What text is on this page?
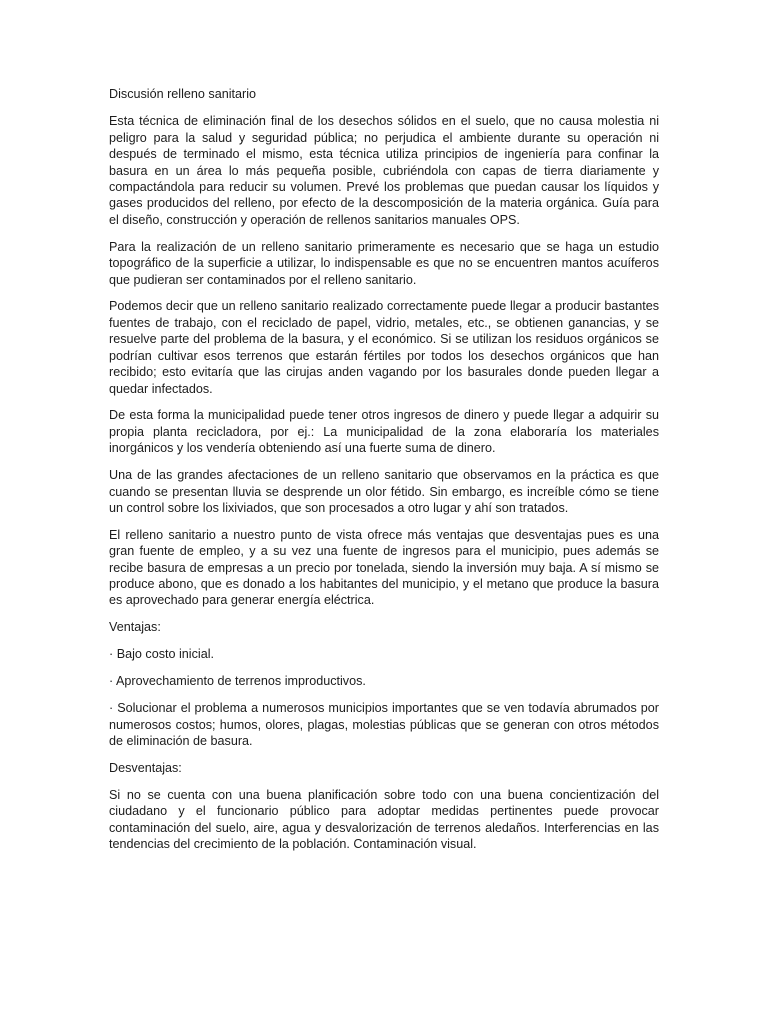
Discusión relleno sanitario

Esta técnica de eliminación final de los desechos sólidos en el suelo, que no causa molestia ni peligro para la salud y seguridad pública; no perjudica el ambiente durante su operación ni después de terminado el mismo, esta técnica utiliza principios de ingeniería para confinar la basura en un área lo más pequeña posible, cubriéndola con capas de tierra diariamente y compactándola para reducir su volumen. Prevé los problemas que puedan causar los líquidos y gases producidos del relleno, por efecto de la descomposición de la materia orgánica. Guía para el diseño, construcción y operación de rellenos sanitarios manuales OPS.

Para la realización de un relleno sanitario primeramente es necesario que se haga un estudio topográfico de la superficie a utilizar, lo indispensable es que no se encuentren mantos acuíferos que pudieran ser contaminados por el relleno sanitario.

Podemos decir que un relleno sanitario realizado correctamente puede llegar a producir bastantes fuentes de trabajo, con el reciclado de papel, vidrio, metales, etc., se obtienen ganancias, y se resuelve parte del problema de la basura, y el económico. Si se utilizan los residuos orgánicos se podrían cultivar esos terrenos que estarán fértiles por todos los desechos orgánicos que han recibido; esto evitaría que las cirujas anden vagando por los basurales donde pueden llegar a quedar infectados.

De esta forma la municipalidad puede tener otros ingresos de dinero y puede llegar a adquirir su propia planta recicladora, por ej.: La municipalidad de la zona elaboraría los materiales inorgánicos y los vendería obteniendo así una fuerte suma de dinero.

Una de las grandes afectaciones de un relleno sanitario que observamos en la práctica es que cuando se presentan lluvia se desprende un olor fétido. Sin embargo, es increíble cómo se tiene un control sobre los lixiviados, que son procesados a otro lugar y ahí son tratados.

El relleno sanitario a nuestro punto de vista ofrece más ventajas que desventajas pues es una gran fuente de empleo, y a su vez una fuente de ingresos para el municipio, pues además se recibe basura de empresas a un precio por tonelada, siendo la inversión muy baja. A sí mismo se produce abono, que es donado a los habitantes del municipio, y el metano que produce la basura es aprovechado para generar energía eléctrica.

Ventajas:

· Bajo costo inicial.

· Aprovechamiento de terrenos improductivos.

· Solucionar el problema a numerosos municipios importantes que se ven todavía abrumados por numerosos costos; humos, olores, plagas, molestias públicas que se generan con otros métodos de eliminación de basura.

Desventajas:

Si no se cuenta con una buena planificación sobre todo con una buena concientización del ciudadano y el funcionario público para adoptar medidas pertinentes puede provocar contaminación del suelo, aire, agua y desvalorización de terrenos aledaños. Interferencias en las tendencias del crecimiento de la población. Contaminación visual.
